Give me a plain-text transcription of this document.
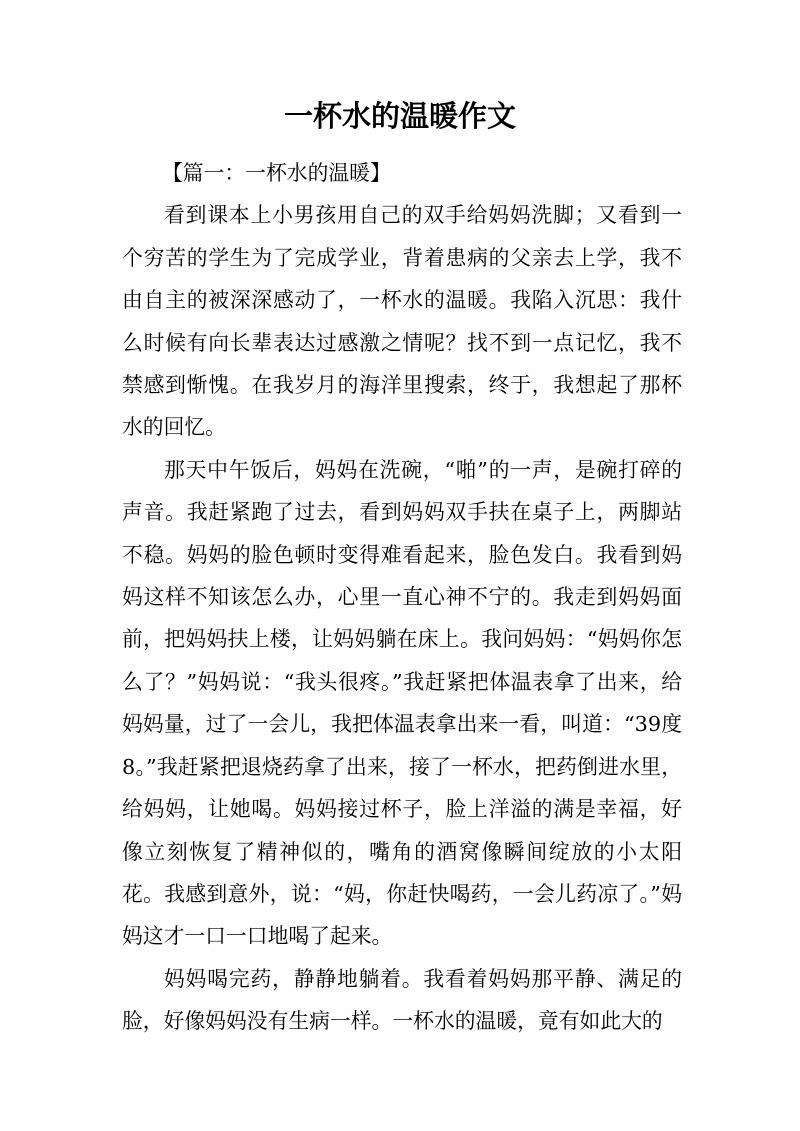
一杯水的温暖作文

【篇一：一杯水的温暖】

看到课本上小男孩用自己的双手给妈妈洗脚；又看到一个穷苦的学生为了完成学业，背着患病的父亲去上学，我不由自主的被深深感动了，一杯水的温暖。我陷入沉思：我什么时候有向长辈表达过感激之情呢？找不到一点记忆，我不禁感到惭愧。在我岁月的海洋里搜索，终于，我想起了那杯水的回忆。

那天中午饭后，妈妈在洗碗，“啪”的一声，是碗打碎的声音。我赶紧跑了过去，看到妈妈双手扶在桌子上，两脚站不稳。妈妈的脸色顿时变得难看起来，脸色发白。我看到妈妈这样不知该怎么办，心里一直心神不宁的。我走到妈妈面前，把妈妈扶上楼，让妈妈躺在床上。我问妈妈：“妈妈你怎么了？”妈妈说：“我头很疼。”我赶紧把体温表拿了出来，给妈妈量，过了一会儿，我把体温表拿出来一看，叫道：“39度8。”我赶紧把退烧药拿了出来，接了一杯水，把药倒进水里，给妈妈，让她喝。妈妈接过杯子，脸上洋溢的满是幸福，好像立刻恢复了精神似的，嘴角的酒窝像瞬间绽放的小太阳花。我感到意外，说：“妈，你赶快喝药，一会儿药凉了。”妈妈这才一口一口地喝了起来。

妈妈喝完药，静静地躺着。我看着妈妈那平静、满足的脸，好像妈妈没有生病一样。一杯水的温暖，竟有如此大的
